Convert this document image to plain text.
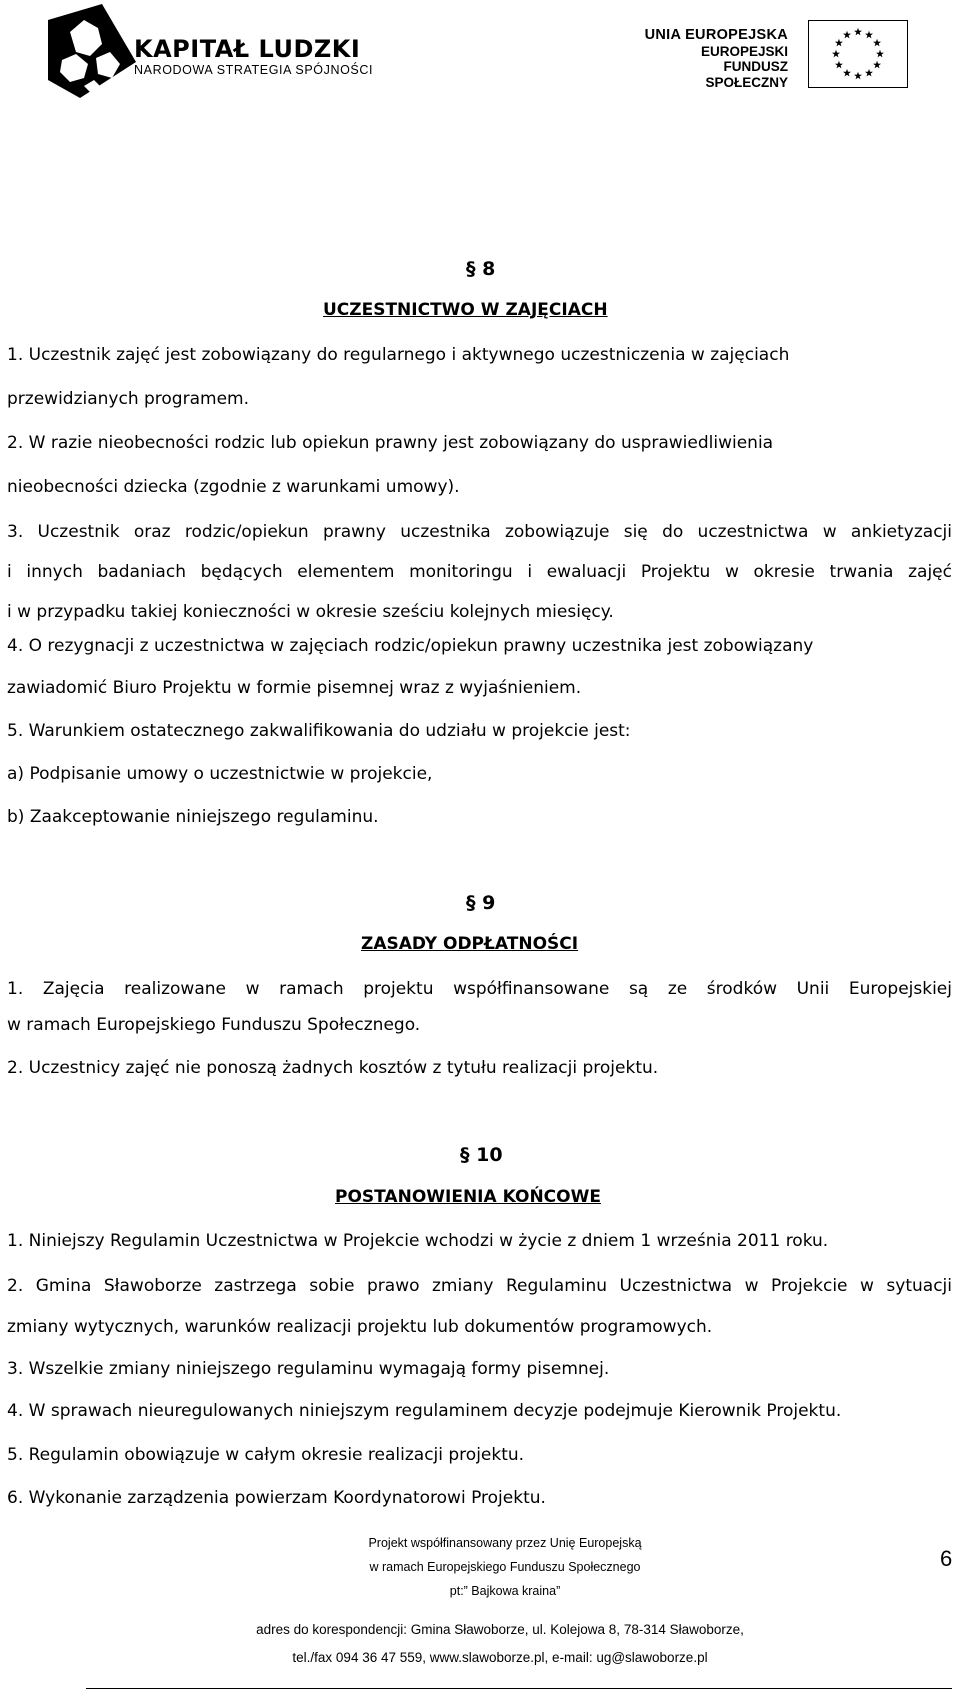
KAPITAŁ LUDZKI
NARODOWA STRATEGIA SPÓJNOŚCI
UNIA EUROPEJSKA
EUROPEJSKI
FUNDUSZ SPOŁECZNY
§ 8
UCZESTNICTWO W ZAJĘCIACH
1. Uczestnik zajęć jest zobowiązany do regularnego i aktywnego uczestniczenia w zajęciach
przewidzianych programem.
2. W razie nieobecności rodzic lub opiekun prawny jest zobowiązany do usprawiedliwienia
nieobecności dziecka (zgodnie z warunkami umowy).
3. Uczestnik oraz rodzic/opiekun prawny uczestnika zobowiązuje się do uczestnictwa w ankietyzacji
i innych badaniach będących elementem monitoringu i ewaluacji Projektu w okresie trwania zajęć
i w przypadku takiej konieczności w okresie sześciu kolejnych miesięcy.
4. O rezygnacji z uczestnictwa w zajęciach rodzic/opiekun prawny uczestnika jest zobowiązany
zawiadomić Biuro Projektu w formie pisemnej wraz z wyjaśnieniem.
5. Warunkiem ostatecznego zakwalifikowania do udziału w projekcie jest:
a) Podpisanie umowy o uczestnictwie w projekcie,
b) Zaakceptowanie niniejszego regulaminu.
§ 9
ZASADY ODPŁATNOŚCI
1. Zajęcia realizowane w ramach projektu współfinansowane są ze środków Unii Europejskiej
w ramach Europejskiego Funduszu Społecznego.
2. Uczestnicy zajęć nie ponoszą żadnych kosztów z tytułu realizacji projektu.
§ 10
POSTANOWIENIA KOŃCOWE
1. Niniejszy Regulamin Uczestnictwa w Projekcie wchodzi w życie z dniem 1 września 2011 roku.
2. Gmina Sławoborze zastrzega sobie prawo zmiany Regulaminu Uczestnictwa w Projekcie w sytuacji
zmiany wytycznych, warunków realizacji projektu lub dokumentów programowych.
3. Wszelkie zmiany niniejszego regulaminu wymagają formy pisemnej.
4. W sprawach nieuregulowanych niniejszym regulaminem decyzje podejmuje Kierownik Projektu.
5. Regulamin obowiązuje w całym okresie realizacji projektu.
6. Wykonanie zarządzenia powierzam Koordynatorowi Projektu.
Projekt współfinansowany przez Unię Europejską
w ramach Europejskiego Funduszu Społecznego
pt:” Bajkowa kraina”
6
adres do korespondencji: Gmina Sławoborze, ul. Kolejowa 8, 78-314 Sławoborze,
tel./fax 094 36 47 559, www.slawoborze.pl, e-mail: ug@slawoborze.pl
